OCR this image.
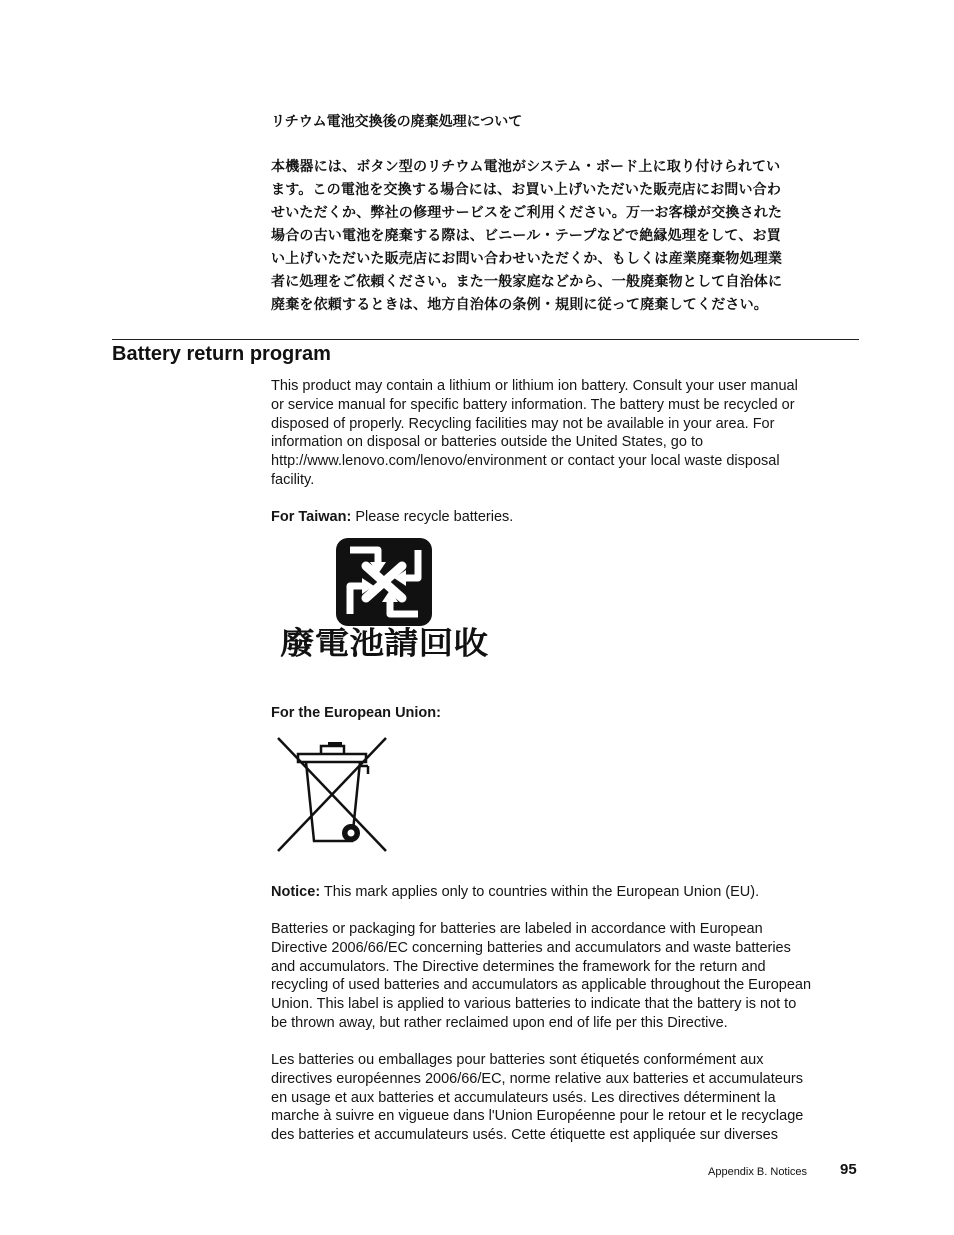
リチウム電池交換後の廃棄処理について
本機器には、ボタン型のリチウム電池がシステム・ボード上に取り付けられてい
ます。この電池を交換する場合には、お買い上げいただいた販売店にお問い合わ
せいただくか、弊社の修理サービスをご利用ください。万一お客様が交換された
場合の古い電池を廃棄する際は、ビニール・テープなどで絶縁処理をして、お買
い上げいただいた販売店にお問い合わせいただくか、もしくは産業廃棄物処理業
者に処理をご依頼ください。また一般家庭などから、一般廃棄物として自治体に
廃棄を依頼するときは、地方自治体の条例・規則に従って廃棄してください。
Battery return program
This product may contain a lithium or lithium ion battery. Consult your user manual
or service manual for specific battery information. The battery must be recycled or
disposed of properly. Recycling facilities may not be available in your area. For
information on disposal or batteries outside the United States, go to
http://www.lenovo.com/lenovo/environment or contact your local waste disposal
facility.
For Taiwan: Please recycle batteries.
廢電池請回收
For the European Union:
Notice: This mark applies only to countries within the European Union (EU).
Batteries or packaging for batteries are labeled in accordance with European
Directive 2006/66/EC concerning batteries and accumulators and waste batteries
and accumulators. The Directive determines the framework for the return and
recycling of used batteries and accumulators as applicable throughout the European
Union. This label is applied to various batteries to indicate that the battery is not to
be thrown away, but rather reclaimed upon end of life per this Directive.
Les batteries ou emballages pour batteries sont étiquetés conformément aux
directives européennes 2006/66/EC, norme relative aux batteries et accumulateurs
en usage et aux batteries et accumulateurs usés. Les directives déterminent la
marche à suivre en vigueue dans l'Union Européenne pour le retour et le recyclage
des batteries et accumulateurs usés. Cette étiquette est appliquée sur diverses
Appendix B. Notices 95
